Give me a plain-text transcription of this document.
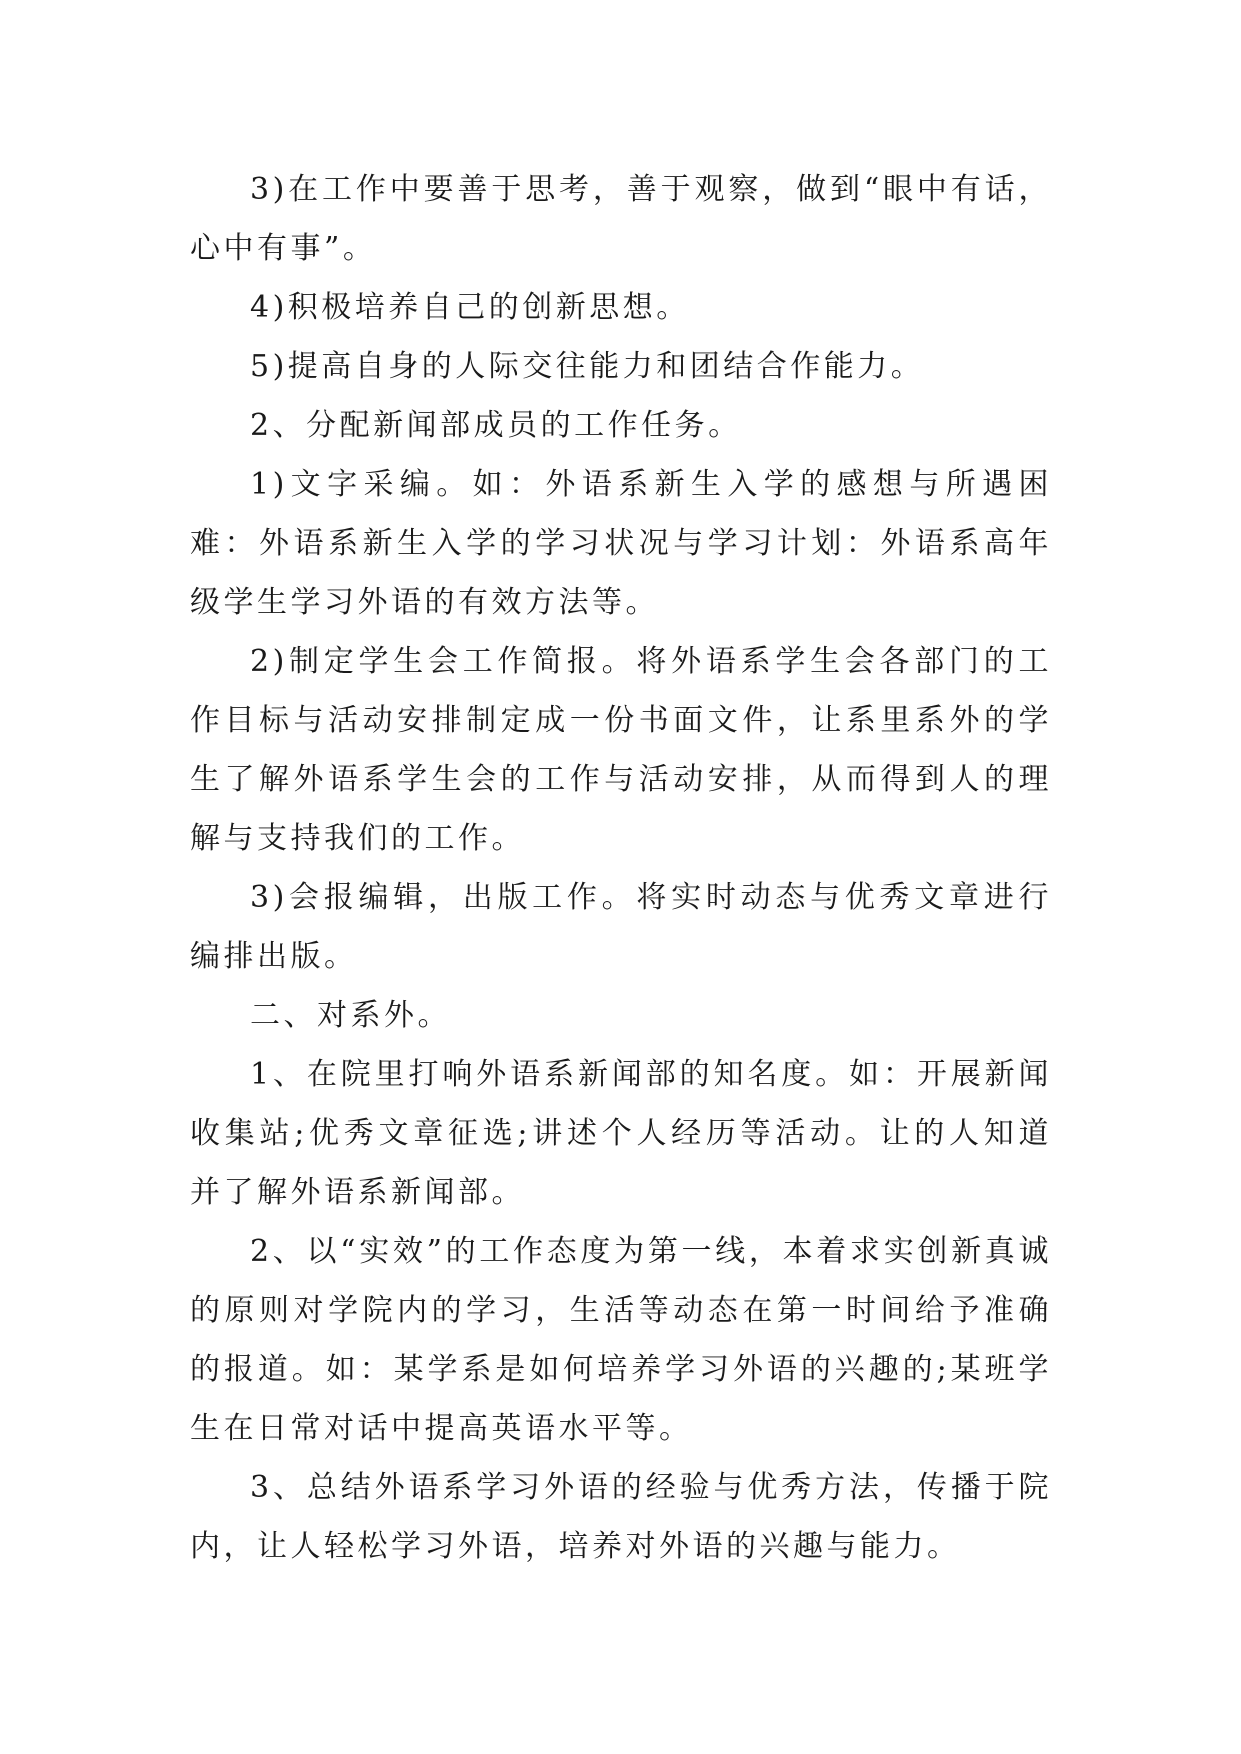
3)在工作中要善于思考，善于观察，做到“眼中有话，心中有事”。

4)积极培养自己的创新思想。

5)提高自身的人际交往能力和团结合作能力。

2、分配新闻部成员的工作任务。

1)文字采编。如：外语系新生入学的感想与所遇困难：外语系新生入学的学习状况与学习计划：外语系高年级学生学习外语的有效方法等。

2)制定学生会工作简报。将外语系学生会各部门的工作目标与活动安排制定成一份书面文件，让系里系外的学生了解外语系学生会的工作与活动安排，从而得到人的理解与支持我们的工作。

3)会报编辑，出版工作。将实时动态与优秀文章进行编排出版。

二、对系外。

1、在院里打响外语系新闻部的知名度。如：开展新闻收集站;优秀文章征选;讲述个人经历等活动。让的人知道并了解外语系新闻部。

2、以“实效”的工作态度为第一线，本着求实创新真诚的原则对学院内的学习，生活等动态在第一时间给予准确的报道。如：某学系是如何培养学习外语的兴趣的;某班学生在日常对话中提高英语水平等。

3、总结外语系学习外语的经验与优秀方法，传播于院内，让人轻松学习外语，培养对外语的兴趣与能力。
